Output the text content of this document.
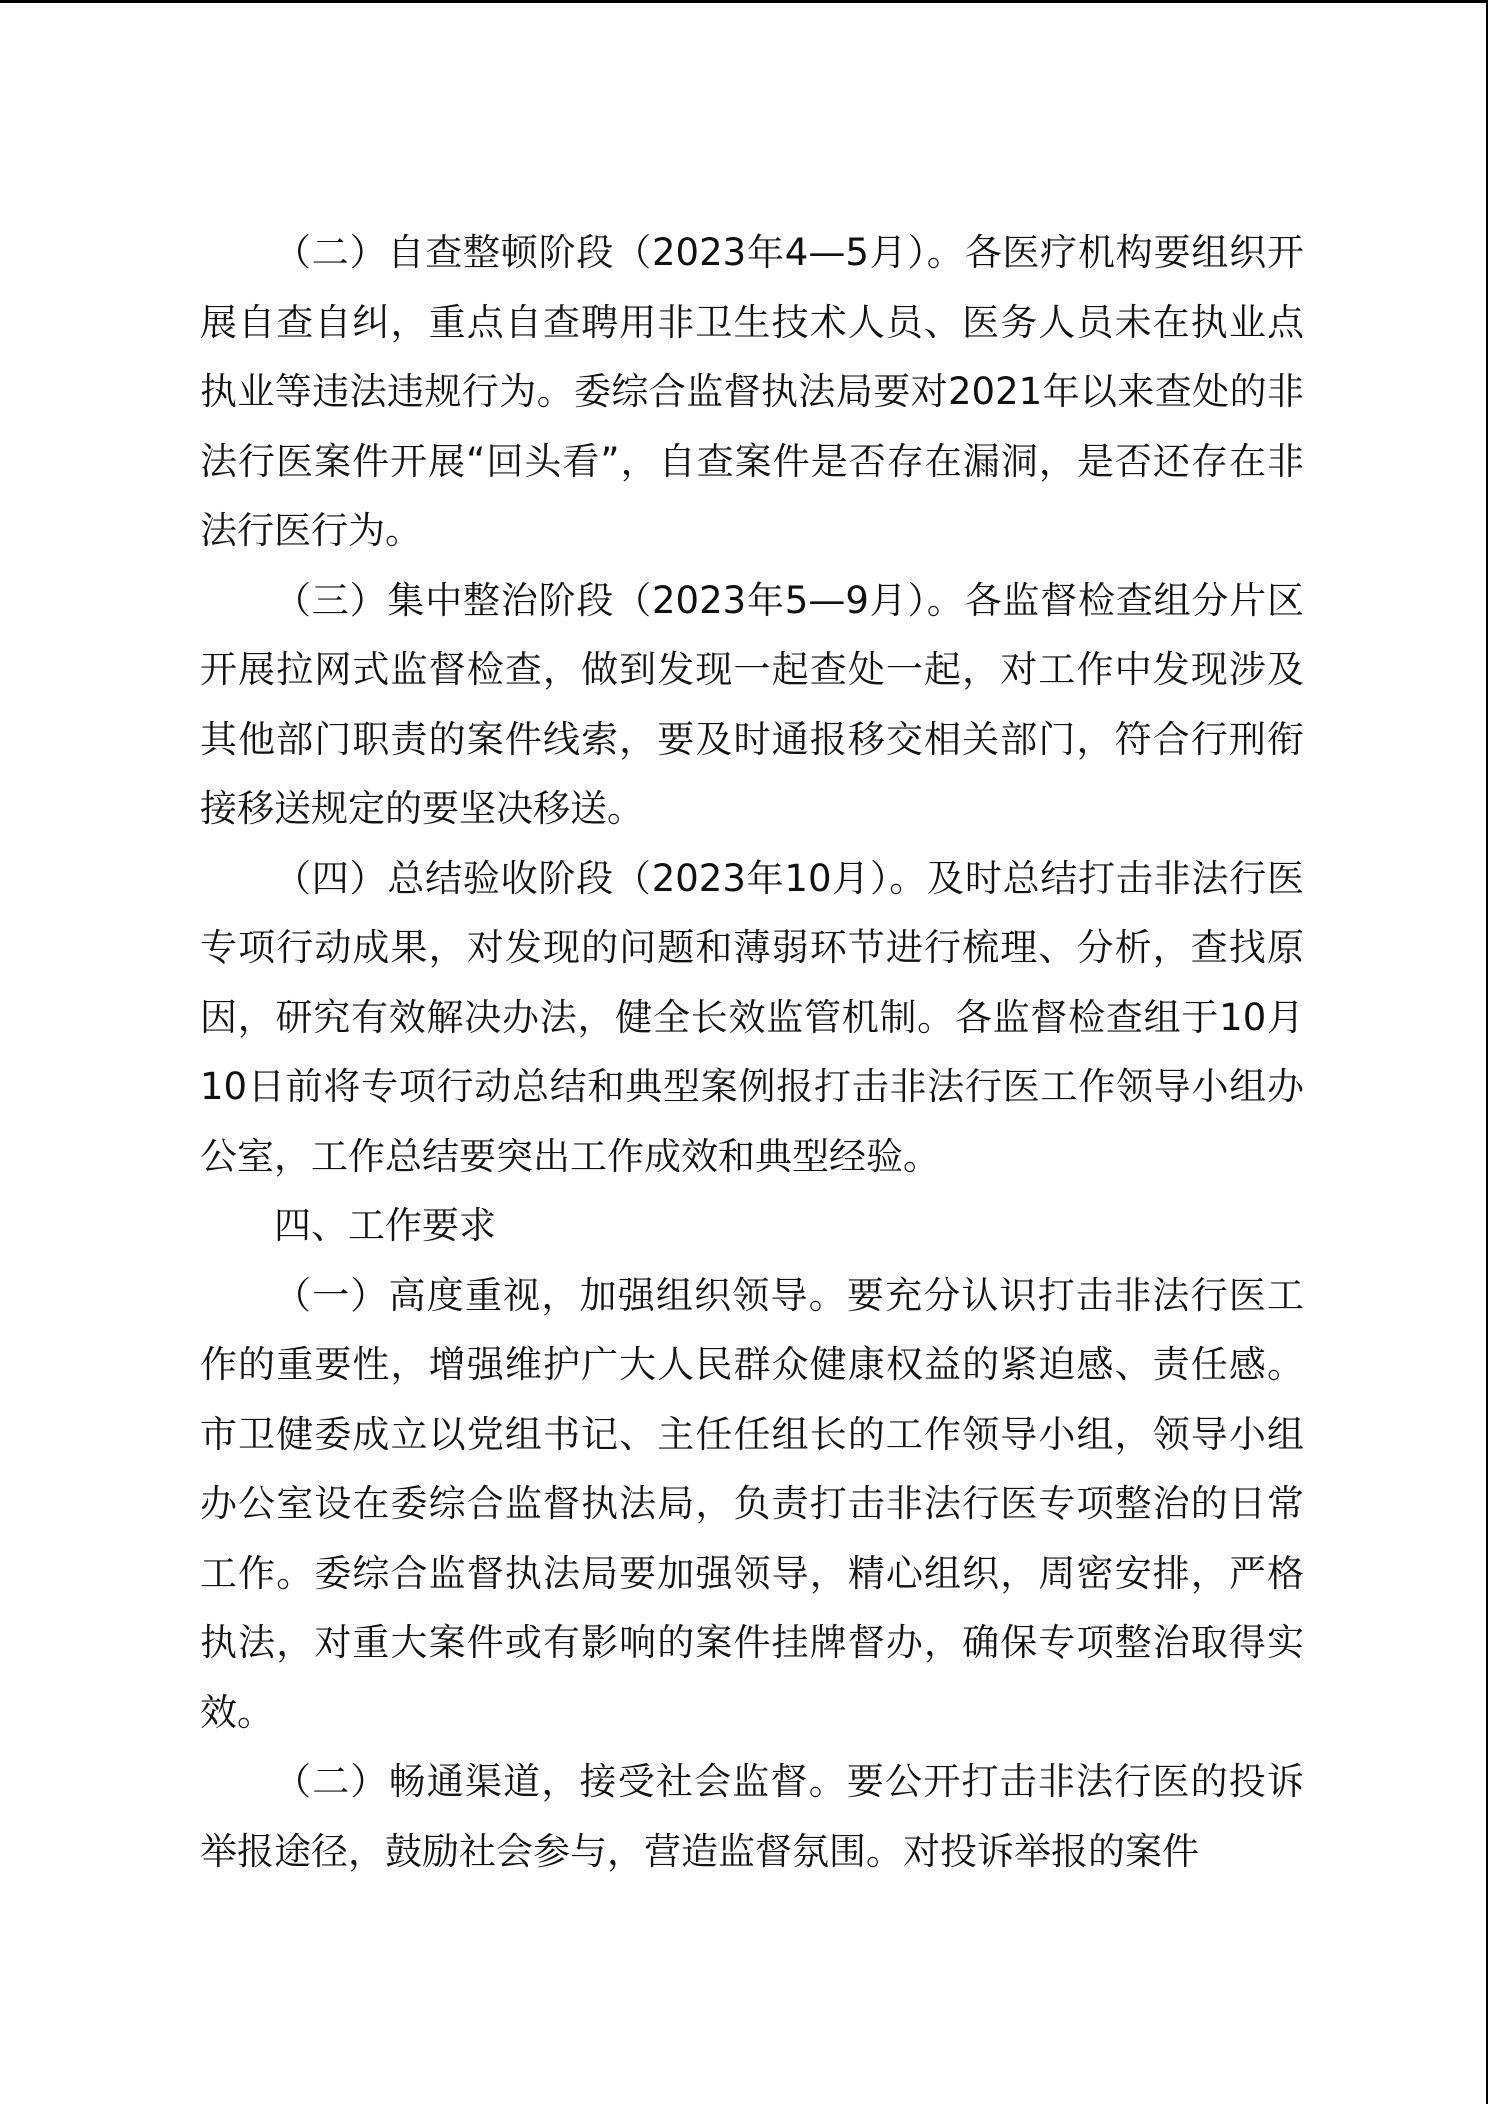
（二）自查整顿阶段（2023年4—5月）。各医疗机构要组织开展自查自纠，重点自查聘用非卫生技术人员、医务人员未在执业点执业等违法违规行为。委综合监督执法局要对2021年以来查处的非法行医案件开展“回头看”，自查案件是否存在漏洞，是否还存在非法行医行为。

（三）集中整治阶段（2023年5—9月）。各监督检查组分片区开展拉网式监督检查，做到发现一起查处一起，对工作中发现涉及其他部门职责的案件线索，要及时通报移交相关部门，符合行刑衔接移送规定的要坚决移送。

（四）总结验收阶段（2023年10月）。及时总结打击非法行医专项行动成果，对发现的问题和薄弱环节进行梳理、分析，查找原因，研究有效解决办法，健全长效监管机制。各监督检查组于10月10日前将专项行动总结和典型案例报打击非法行医工作领导小组办公室，工作总结要突出工作成效和典型经验。

四、工作要求

（一）高度重视，加强组织领导。要充分认识打击非法行医工作的重要性，增强维护广大人民群众健康权益的紧迫感、责任感。市卫健委成立以党组书记、主任任组长的工作领导小组，领导小组办公室设在委综合监督执法局，负责打击非法行医专项整治的日常工作。委综合监督执法局要加强领导，精心组织，周密安排，严格执法，对重大案件或有影响的案件挂牌督办，确保专项整治取得实效。

（二）畅通渠道，接受社会监督。要公开打击非法行医的投诉举报途径，鼓励社会参与，营造监督氛围。对投诉举报的案件
